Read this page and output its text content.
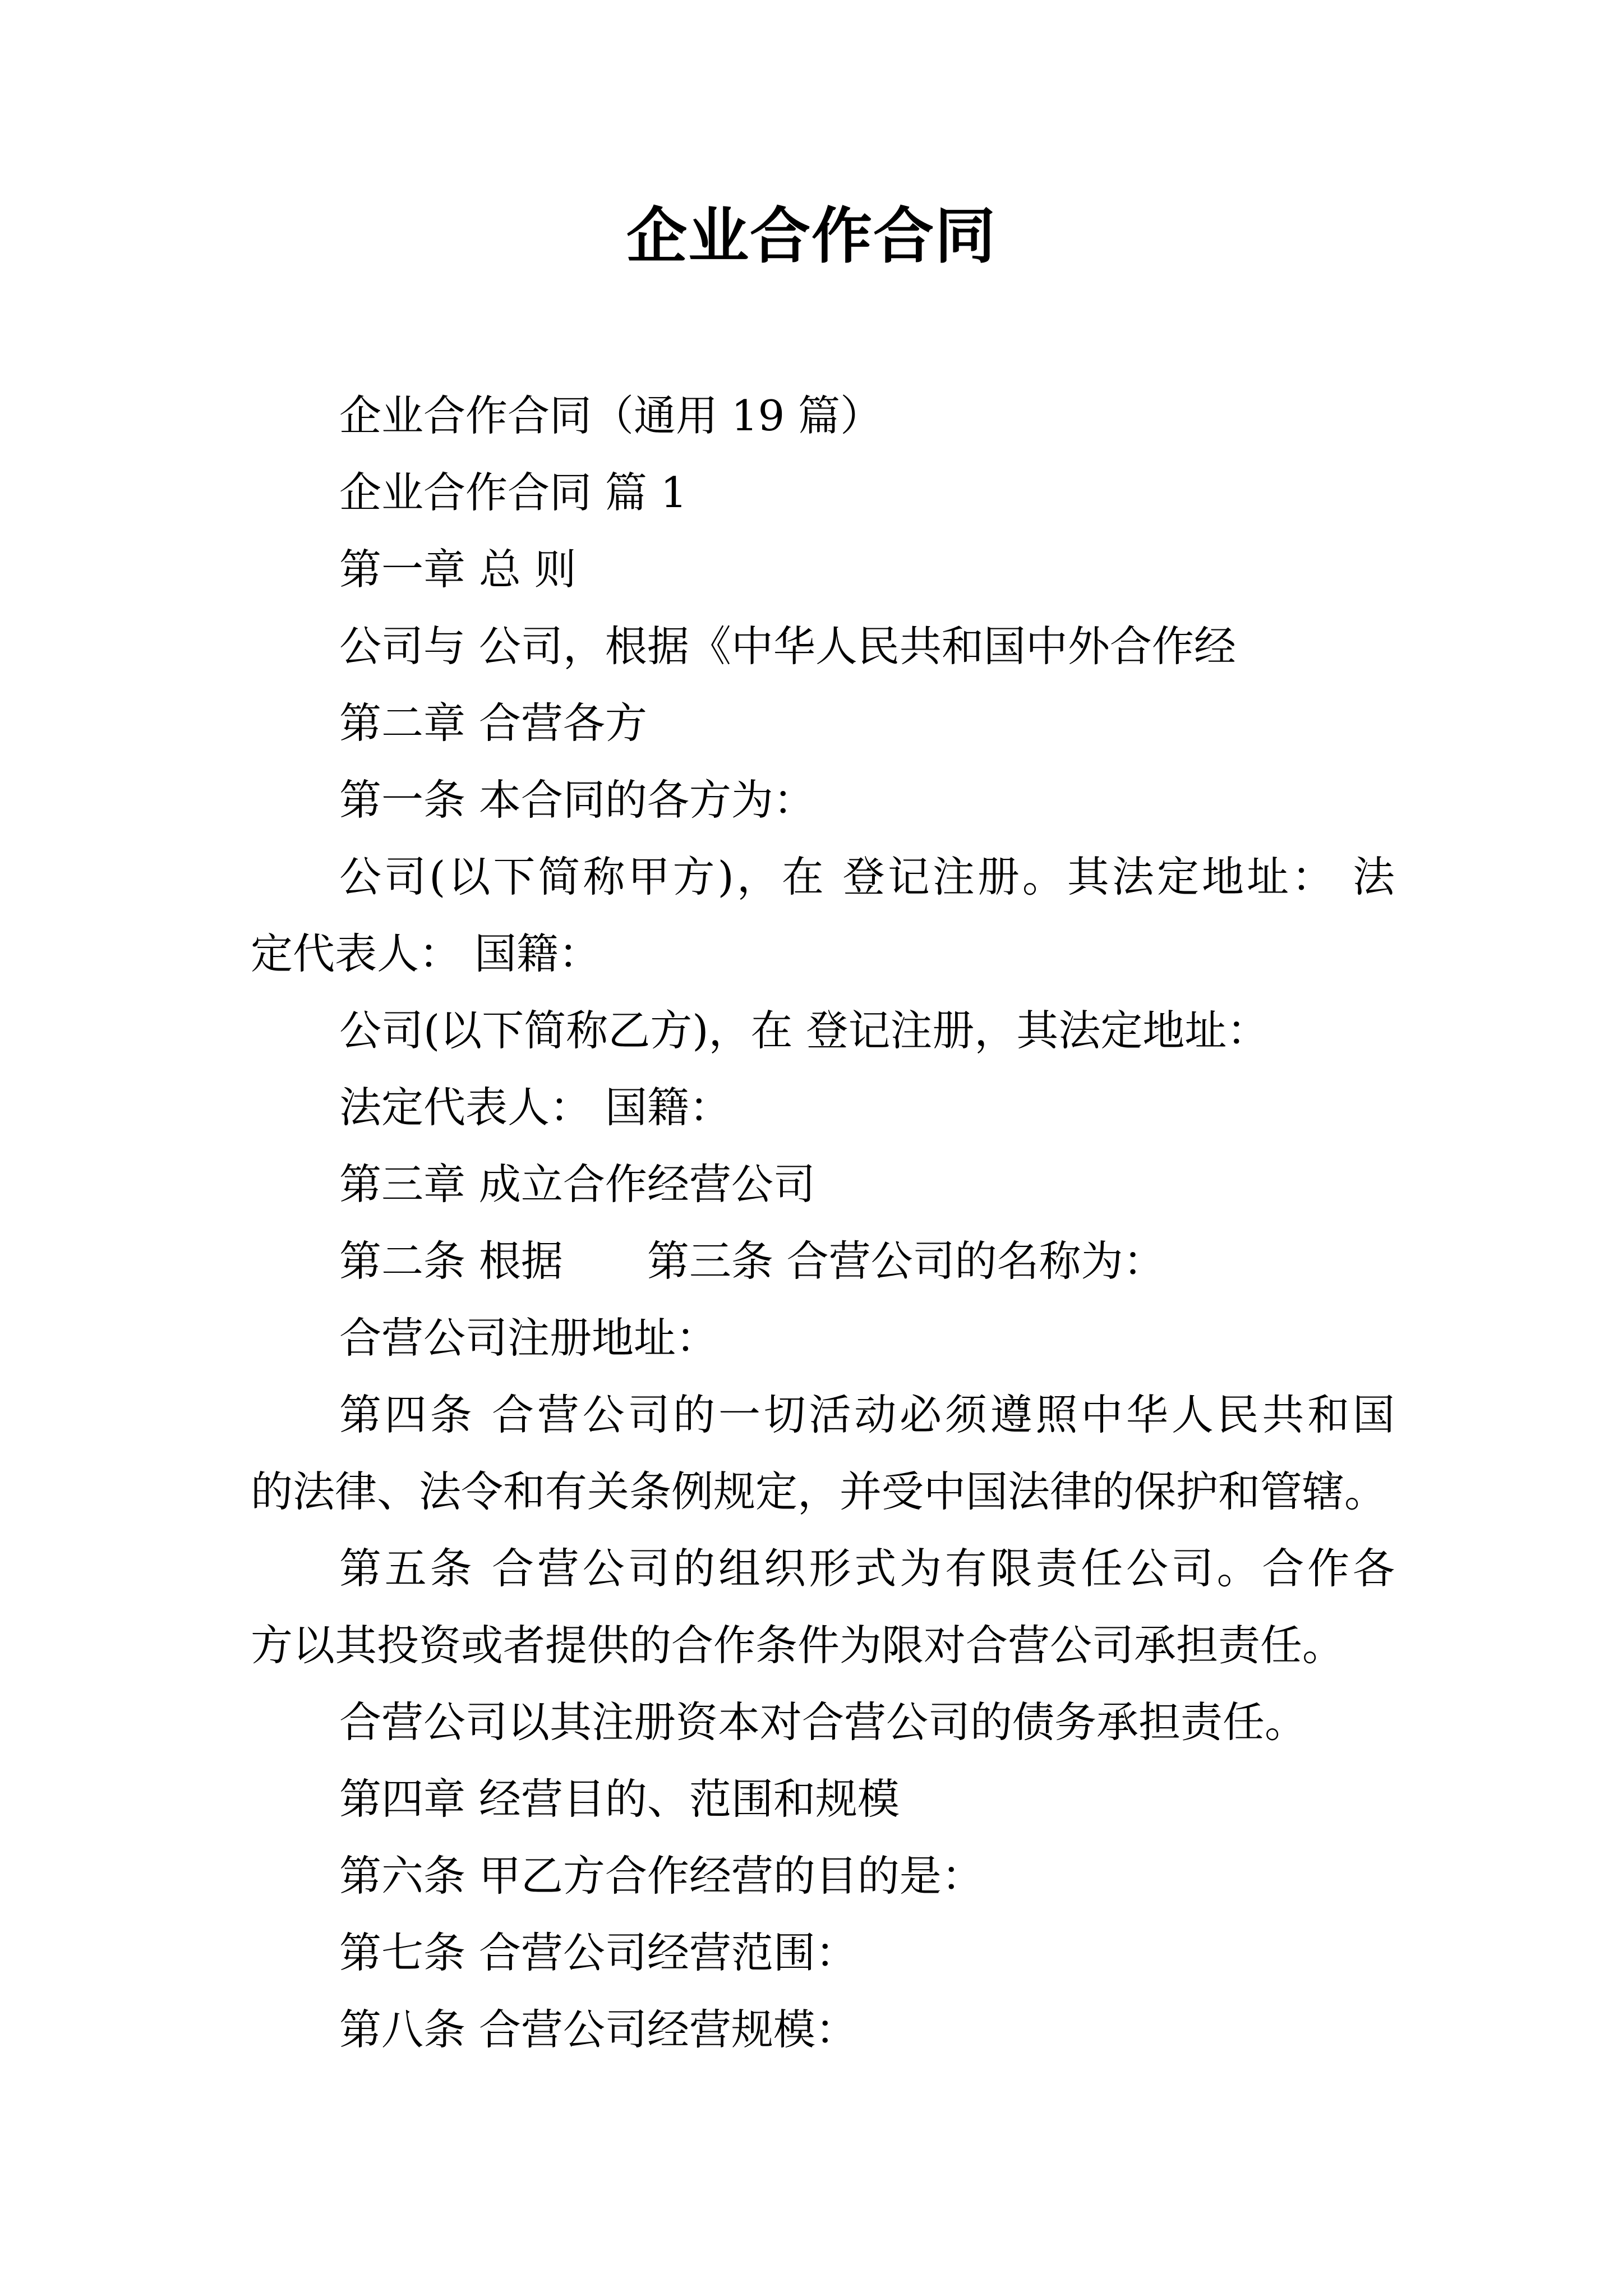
企业合作合同
企业合作合同（通用 19 篇）
企业合作合同 篇 1
第一章 总 则
公司与 公司，根据《中华人民共和国中外合作经
第二章 合营各方
第一条 本合同的各方为：
公司(以下简称甲方)，在 登记注册。其法定地址： 法
定代表人： 国籍：
公司(以下简称乙方)，在 登记注册，其法定地址：
法定代表人： 国籍：
第三章 成立合作经营公司
第二条 根据　　第三条 合营公司的名称为：
合营公司注册地址：
第四条 合营公司的一切活动必须遵照中华人民共和国
的法律、法令和有关条例规定，并受中国法律的保护和管辖。
第五条 合营公司的组织形式为有限责任公司。合作各
方以其投资或者提供的合作条件为限对合营公司承担责任。
合营公司以其注册资本对合营公司的债务承担责任。
第四章 经营目的、范围和规模
第六条 甲乙方合作经营的目的是：
第七条 合营公司经营范围：
第八条 合营公司经营规模：
